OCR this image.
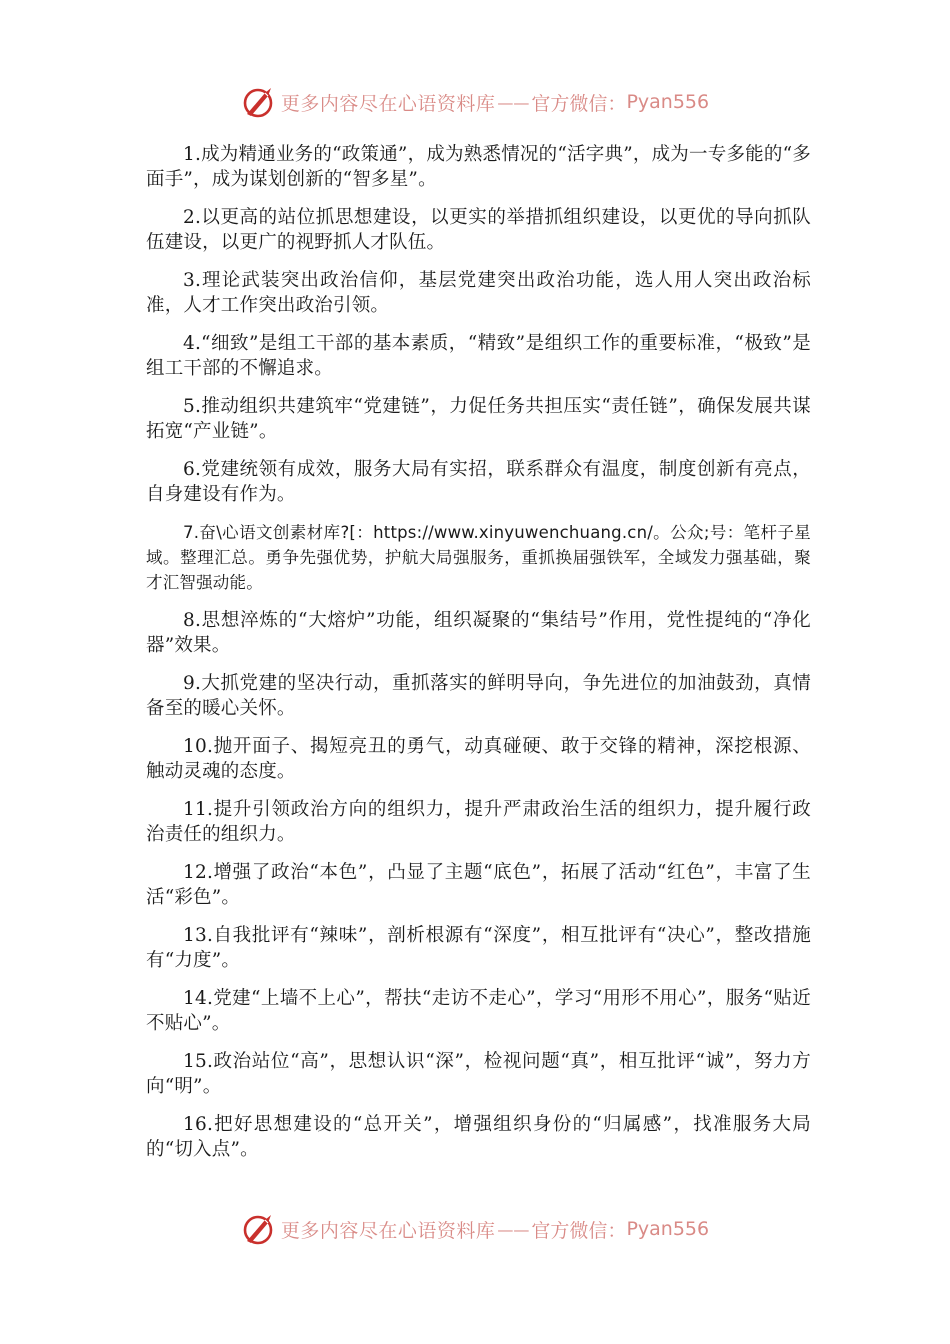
更多内容尽在心语资料库 —— 官方微信： Pyan556

1.成为精通业务的“政策通”，成为熟悉情况的“活字典”，成为一专多能的“多面手”，成为谋划创新的“智多星”。

2.以更高的站位抓思想建设，以更实的举措抓组织建设，以更优的导向抓队伍建设，以更广的视野抓人才队伍。

3.理论武装突出政治信仰，基层党建突出政治功能，选人用人突出政治标准，人才工作突出政治引领。

4.“细致”是组工干部的基本素质，“精致”是组织工作的重要标准，“极致”是组工干部的不懈追求。

5.推动组织共建筑牢“党建链”，力促任务共担压实“责任链”，确保发展共谋拓宽“产业链”。

6.党建统领有成效，服务大局有实招，联系群众有温度，制度创新有亮点，自身建设有作为。

7.奋\心语文创素材库?[：https://www.xinyuwenchuang.cn/。公众;号：笔杆子星域。整理汇总。勇争先强优势，护航大局强服务，重抓换届强铁军，全域发力强基础，聚才汇智强动能。

8.思想淬炼的“大熔炉”功能，组织凝聚的“集结号”作用，党性提纯的“净化器”效果。

9.大抓党建的坚决行动，重抓落实的鲜明导向，争先进位的加油鼓劲，真情备至的暖心关怀。

10.抛开面子、揭短亮丑的勇气，动真碰硬、敢于交锋的精神，深挖根源、触动灵魂的态度。

11.提升引领政治方向的组织力，提升严肃政治生活的组织力，提升履行政治责任的组织力。

12.增强了政治“本色”，凸显了主题“底色”，拓展了活动“红色”，丰富了生活“彩色”。

13.自我批评有“辣味”，剖析根源有“深度”，相互批评有“决心”，整改措施有“力度”。

14.党建“上墙不上心”，帮扶“走访不走心”，学习“用形不用心”，服务“贴近不贴心”。

15.政治站位“高”，思想认识“深”，检视问题“真”，相互批评“诚”，努力方向“明”。

16.把好思想建设的“总开关”，增强组织身份的“归属感”，找准服务大局的“切入点”。

更多内容尽在心语资料库 —— 官方微信： Pyan556
